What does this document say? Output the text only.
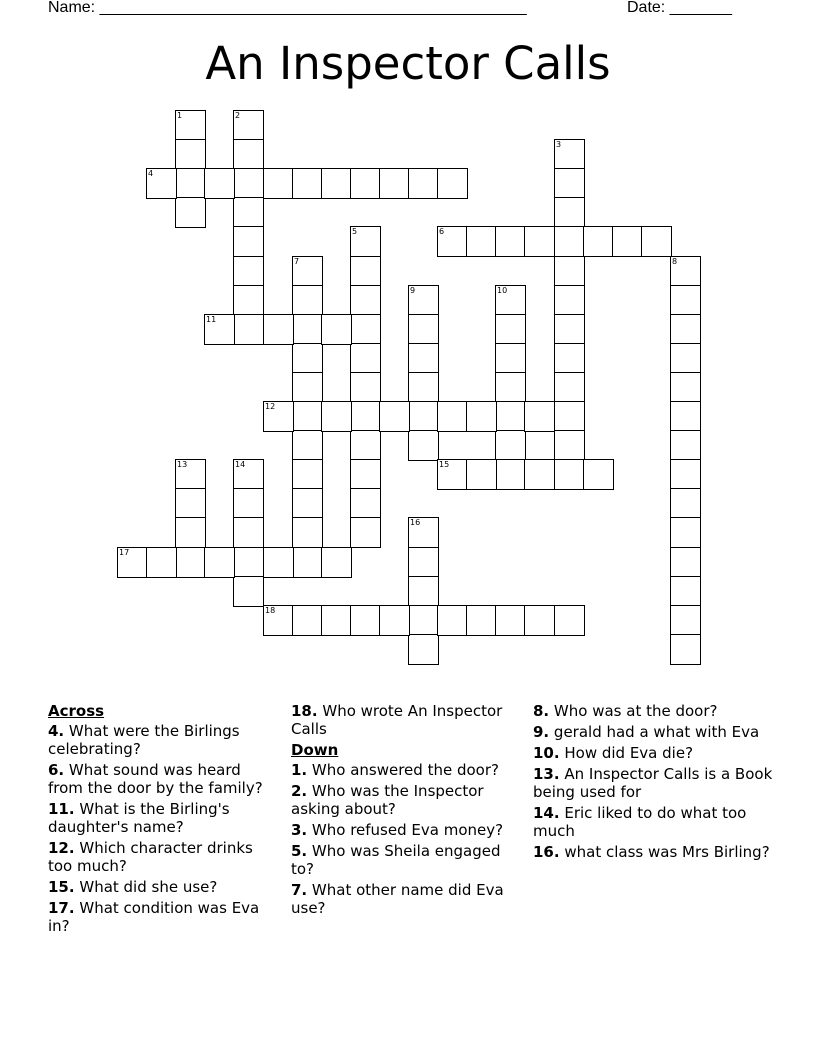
Name: ________________________________________________	Date: _______
An Inspector Calls
1	2
3
4
5	6
7	8
9	10
11
12
13	14	15
16
17
18
Across
4. What were the Birlings celebrating?
6. What sound was heard from the door by the family?
11. What is the Birling's daughter's name?
12. Which character drinks too much?
15. What did she use?
17. What condition was Eva in?
18. Who wrote An Inspector Calls
Down
1. Who answered the door?
2. Who was the Inspector asking about?
3. Who refused Eva money?
5. Who was Sheila engaged to?
7. What other name did Eva use?
8. Who was at the door?
9. gerald had a what with Eva
10. How did Eva die?
13. An Inspector Calls is a Book being used for
14. Eric liked to do what too much
16. what class was Mrs Birling?
